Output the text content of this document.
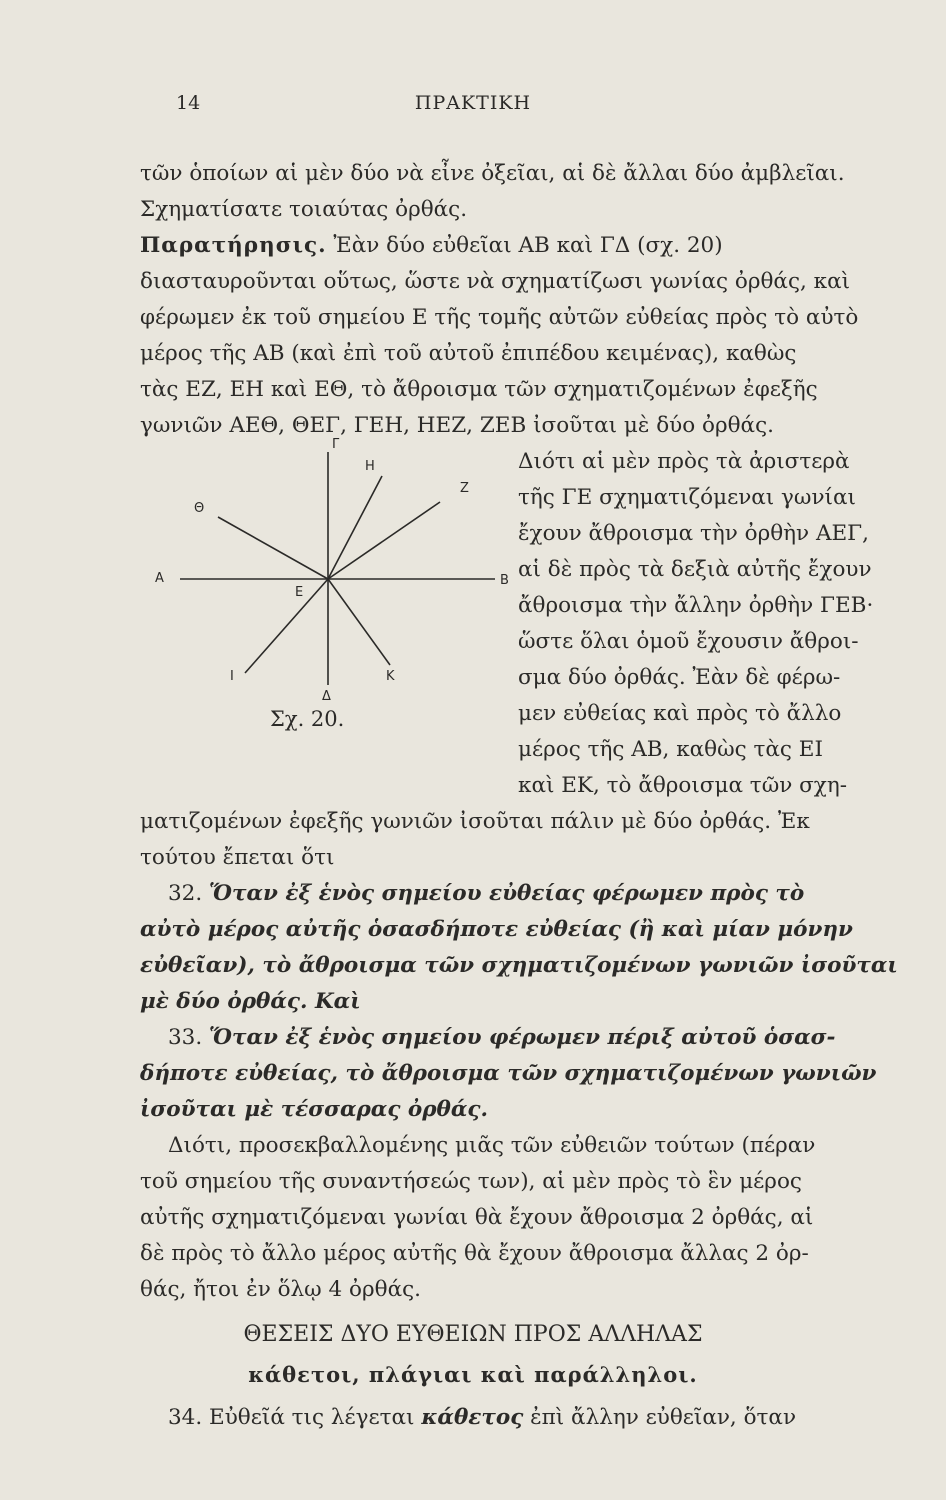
14	ΠΡΑΚΤΙΚΗ
τῶν ὁποίων αἱ μὲν δύο νὰ εἶνε ὀξεῖαι, αἱ δὲ ἄλλαι δύο ἀμβλεῖαι.
Σχηματίσατε τοιαύτας ὀρθάς.
Παρατήρησις. Ἐὰν δύο εὐθεῖαι ΑΒ καὶ ΓΔ (σχ. 20)
διασταυροῦνται οὕτως, ὥστε νὰ σχηματίζωσι γωνίας ὀρθάς, καὶ
φέρωμεν ἐκ τοῦ σημείου Ε τῆς τομῆς αὐτῶν εὐθείας πρὸς τὸ αὐτὸ
μέρος τῆς ΑΒ (καὶ ἐπὶ τοῦ αὐτοῦ ἐπιπέδου κειμένας), καθὼς
τὰς ΕΖ, ΕΗ καὶ ΕΘ, τὸ ἄθροισμα τῶν σχηματιζομένων ἐφεξῆς
γωνιῶν ΑΕΘ, ΘΕΓ, ΓΕΗ, ΗΕΖ, ΖΕΒ ἰσοῦται μὲ δύο ὀρθάς.
Διότι αἱ μὲν πρὸς τὰ ἀριστερὰ
τῆς ΓΕ σχηματιζόμεναι γωνίαι
ἔχουν ἄθροισμα τὴν ὀρθὴν ΑΕΓ,
αἱ δὲ πρὸς τὰ δεξιὰ αὐτῆς ἔχουν
ἄθροισμα τὴν ἄλλην ὀρθὴν ΓΕΒ·
ὥστε ὅλαι ὁμοῦ ἔχουσιν ἄθροι-
σμα δύο ὀρθάς. Ἐὰν δὲ φέρω-
μεν εὐθείας καὶ πρὸς τὸ ἄλλο
μέρος τῆς ΑΒ, καθὼς τὰς ΕΙ
καὶ ΕΚ, τὸ ἄθροισμα τῶν σχη-
Γ
Η
Ζ
Θ
Α
Ε
Β
Ι	Κ
Δ
Σχ. 20.
ματιζομένων ἐφεξῆς γωνιῶν ἰσοῦται πάλιν μὲ δύο ὀρθάς. Ἐκ
τούτου ἔπεται ὅτι
32. Ὅταν ἐξ ἑνὸς σημείου εὐθείας φέρωμεν πρὸς τὸ
αὐτὸ μέρος αὐτῆς ὁσασδήποτε εὐθείας (ἢ καὶ μίαν μόνην
εὐθεῖαν), τὸ ἄθροισμα τῶν σχηματιζομένων γωνιῶν ἰσοῦται
μὲ δύο ὀρθάς. Καὶ
33. Ὅταν ἐξ ἑνὸς σημείου φέρωμεν πέριξ αὐτοῦ ὁσασ-
δήποτε εὐθείας, τὸ ἄθροισμα τῶν σχηματιζομένων γωνιῶν
ἰσοῦται μὲ τέσσαρας ὀρθάς.
Διότι, προσεκβαλλομένης μιᾶς τῶν εὐθειῶν τούτων (πέραν
τοῦ σημείου τῆς συναντήσεώς των), αἱ μὲν πρὸς τὸ ἓν μέρος
αὐτῆς σχηματιζόμεναι γωνίαι θὰ ἔχουν ἄθροισμα 2 ὀρθάς, αἱ
δὲ πρὸς τὸ ἄλλο μέρος αὐτῆς θὰ ἔχουν ἄθροισμα ἄλλας 2 ὀρ-
θάς, ἤτοι ἐν ὅλῳ 4 ὀρθάς.
ΘΕΣΕΙΣ ΔΥΟ ΕΥΘΕΙΩΝ ΠΡΟΣ ΑΛΛΗΛΑΣ
κάθετοι, πλάγιαι καὶ παράλληλοι.
34. Εὐθεῖά τις λέγεται κάθετος ἐπὶ ἄλλην εὐθεῖαν, ὅταν
